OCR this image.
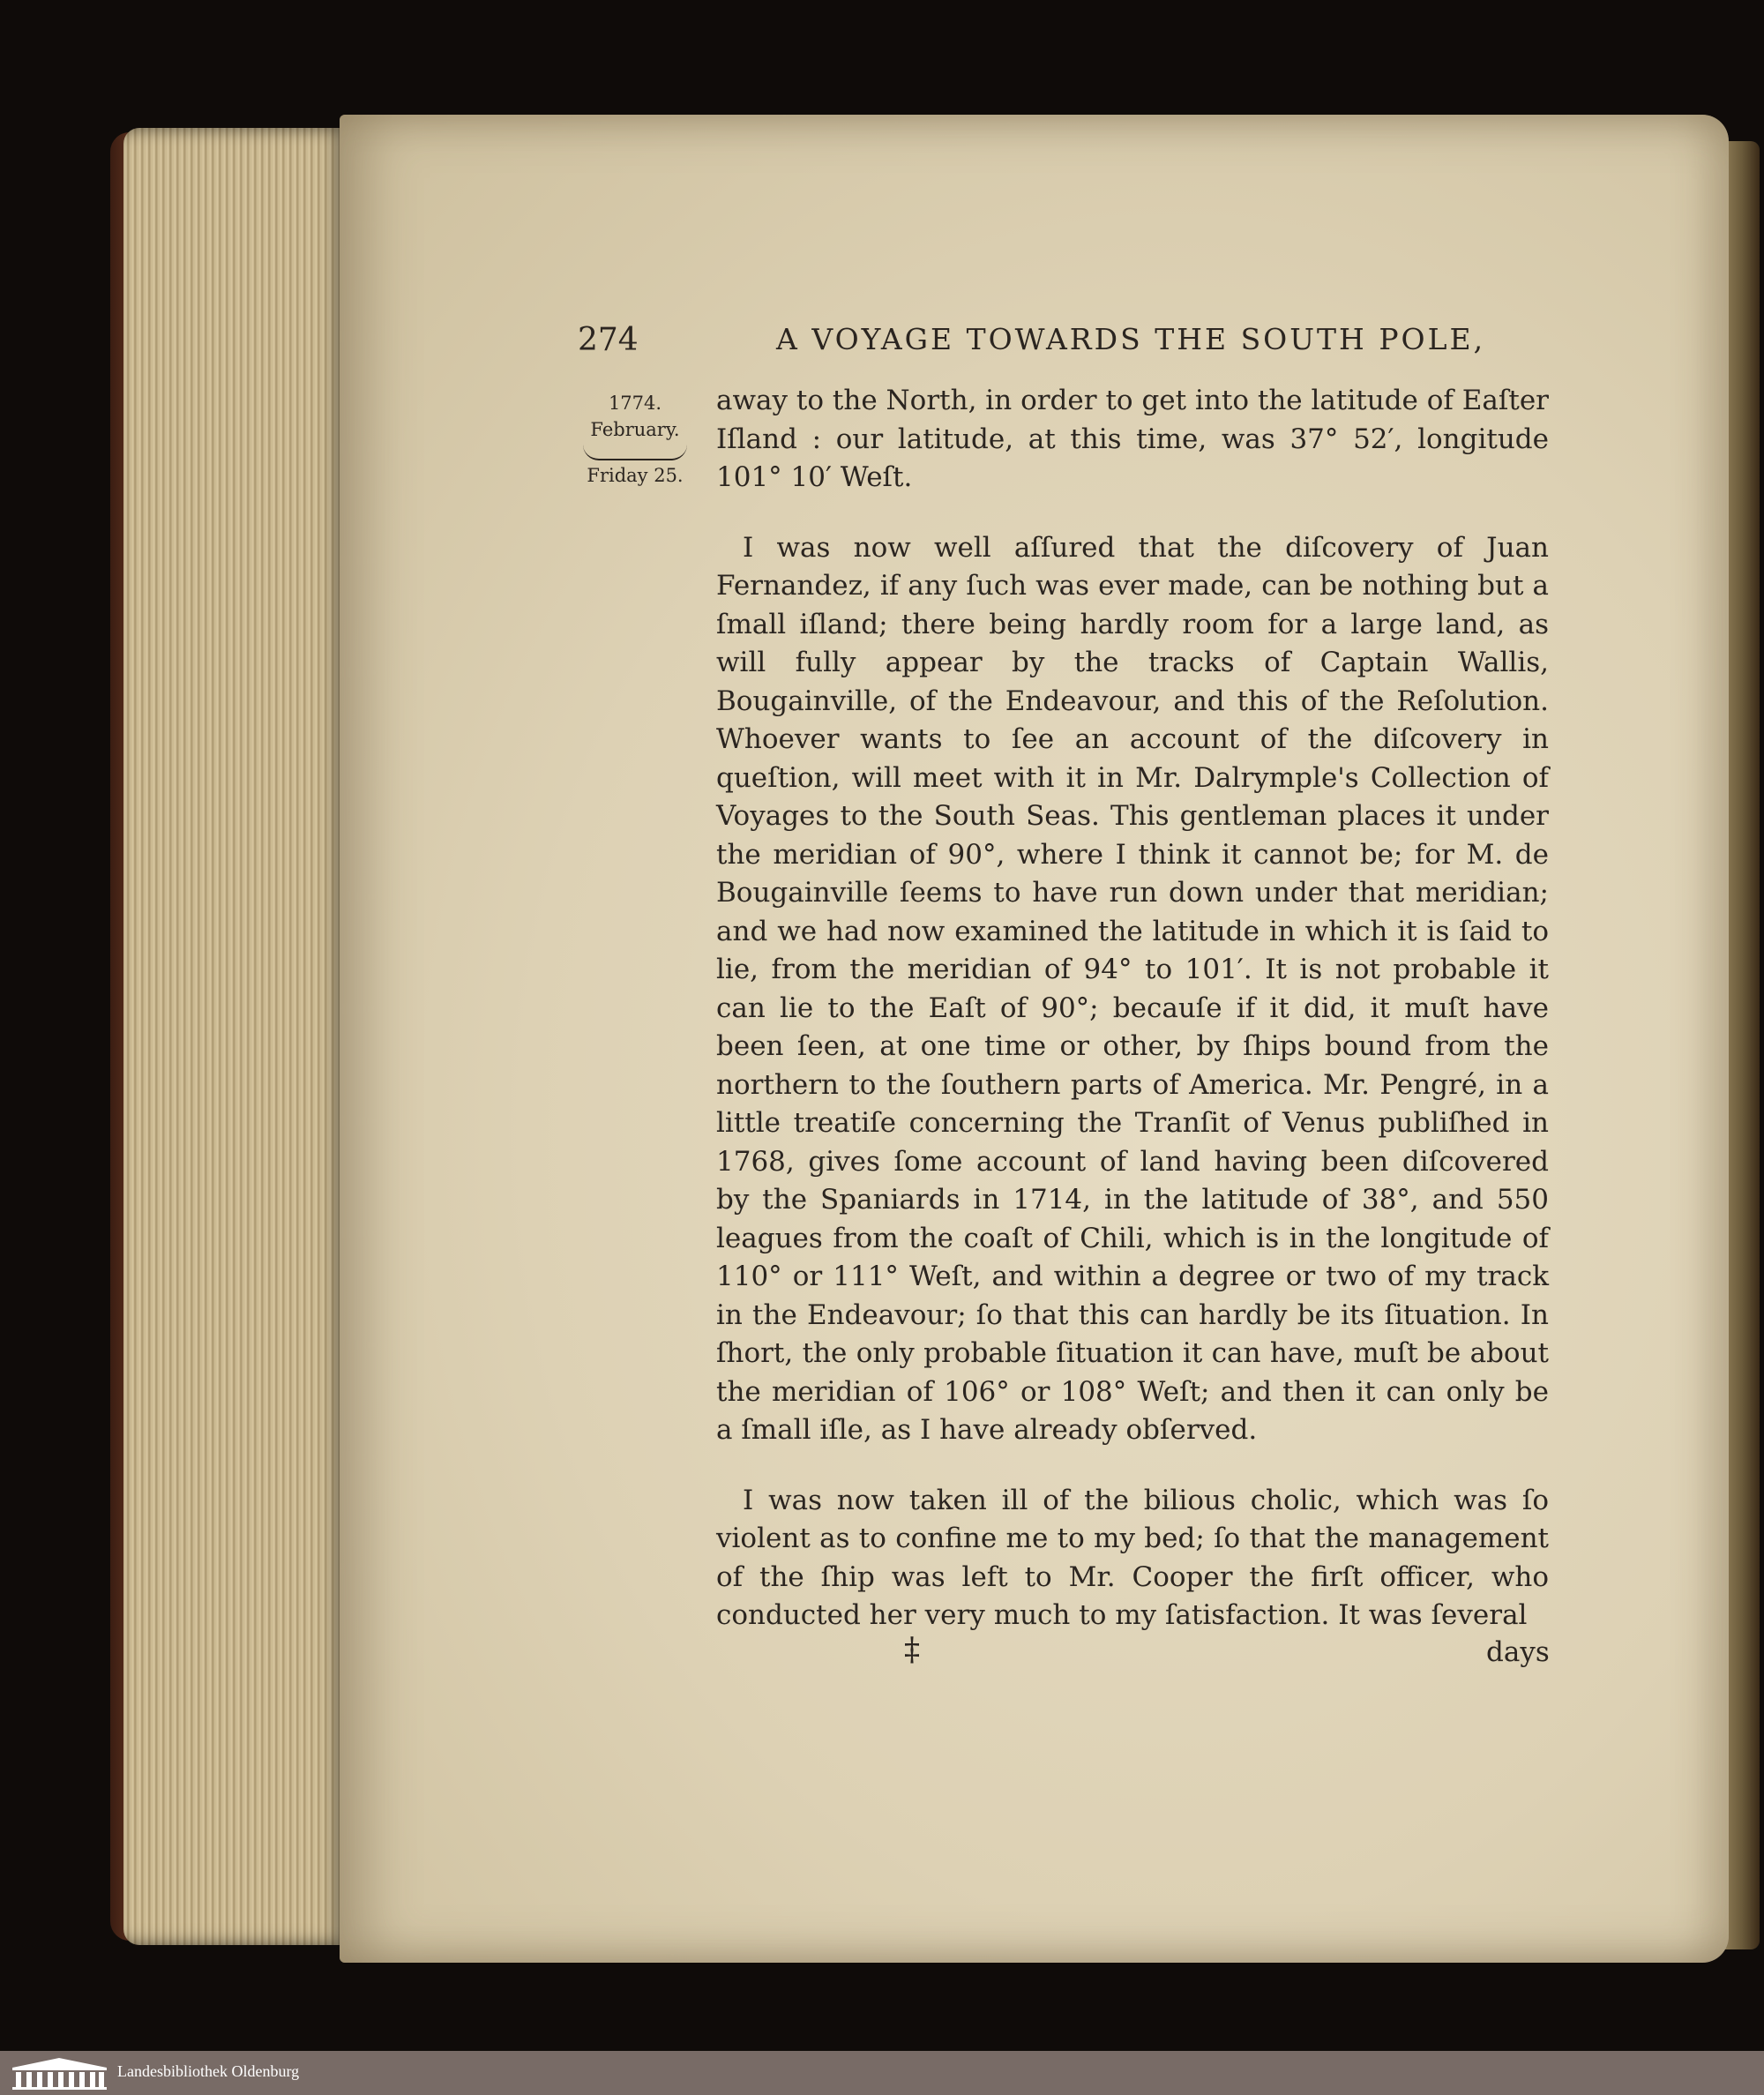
274	A VOYAGE TOWARDS THE SOUTH POLE,
1774.
February.
Friday 25.

away to the North, in order to get into the latitude of Eaſter Iſland : our latitude, at this time, was 37° 52′, longitude 101° 10′ Weſt.

I was now well aſſured that the diſcovery of Juan Fernandez, if any ſuch was ever made, can be nothing but a ſmall iſland; there being hardly room for a large land, as will fully appear by the tracks of Captain Wallis, Bougainville, of the Endeavour, and this of the Reſolution. Whoever wants to ſee an account of the diſcovery in queſtion, will meet with it in Mr. Dalrymple's Collection of Voyages to the South Seas. This gentleman places it under the meridian of 90°, where I think it cannot be; for M. de Bougainville ſeems to have run down under that meridian; and we had now examined the latitude in which it is ſaid to lie, from the meridian of 94° to 101′. It is not probable it can lie to the Eaſt of 90°; becauſe if it did, it muſt have been ſeen, at one time or other, by ſhips bound from the northern to the ſouthern parts of America. Mr. Pengré, in a little treatiſe concerning the Tranſit of Venus publiſhed in 1768, gives ſome account of land having been diſcovered by the Spaniards in 1714, in the latitude of 38°, and 550 leagues from the coaſt of Chili, which is in the longitude of 110° or 111° Weſt, and within a degree or two of my track in the Endeavour; ſo that this can hardly be its ſituation. In ſhort, the only probable ſituation it can have, muſt be about the meridian of 106° or 108° Weſt; and then it can only be a ſmall iſle, as I have already obſerved.

I was now taken ill of the bilious cholic, which was ſo violent as to confine me to my bed; ſo that the management of the ſhip was left to Mr. Cooper the firſt officer, who conducted her very much to my ſatisfaction. It was ſeveral

‡	days
Landesbibliothek Oldenburg
